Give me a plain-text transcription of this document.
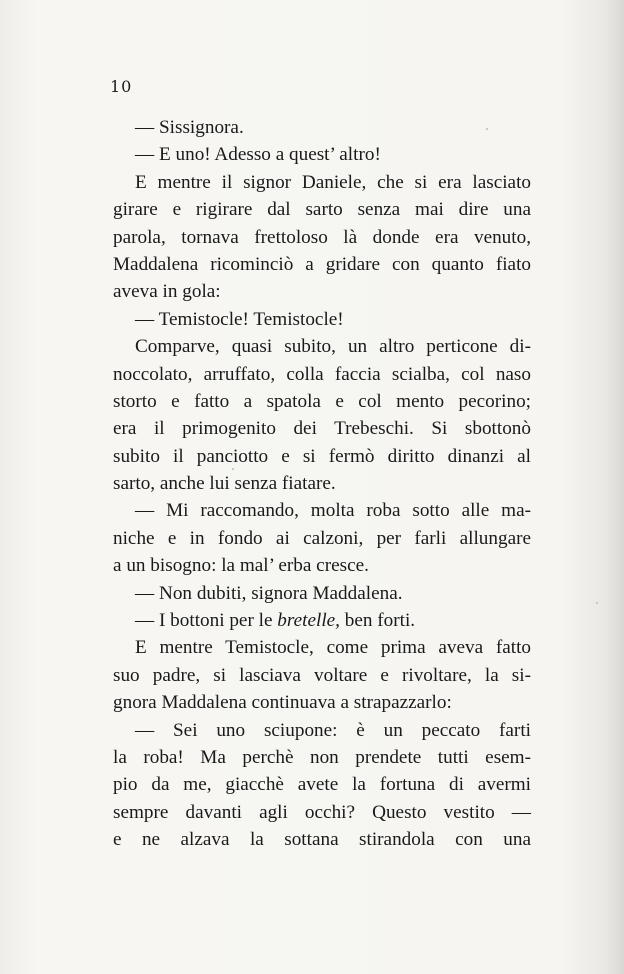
10
— Sissignora.
— E uno! Adesso a quest’ altro!
E mentre il signor Daniele, che si era lasciato
girare e rigirare dal sarto senza mai dire una
parola, tornava frettoloso là donde era venuto,
Maddalena ricominciò a gridare con quanto fiato
aveva in gola:
— Temistocle! Temistocle!
Comparve, quasi subito, un altro perticone di-
noccolato, arruffato, colla faccia scialba, col naso
storto e fatto a spatola e col mento pecorino;
era il primogenito dei Trebeschi. Si sbottonò
subito il panciotto e si fermò diritto dinanzi al
sarto, anche lui senza fiatare.
— Mi raccomando, molta roba sotto alle ma-
niche e in fondo ai calzoni, per farli allungare
a un bisogno: la mal’ erba cresce.
— Non dubiti, signora Maddalena.
— I bottoni per le bretelle, ben forti.
E mentre Temistocle, come prima aveva fatto
suo padre, si lasciava voltare e rivoltare, la si-
gnora Maddalena continuava a strapazzarlo:
— Sei uno sciupone: è un peccato farti
la roba! Ma perchè non prendete tutti esem-
pio da me, giacchè avete la fortuna di avermi
sempre davanti agli occhi? Questo vestito —
e ne alzava la sottana stirandola con una
